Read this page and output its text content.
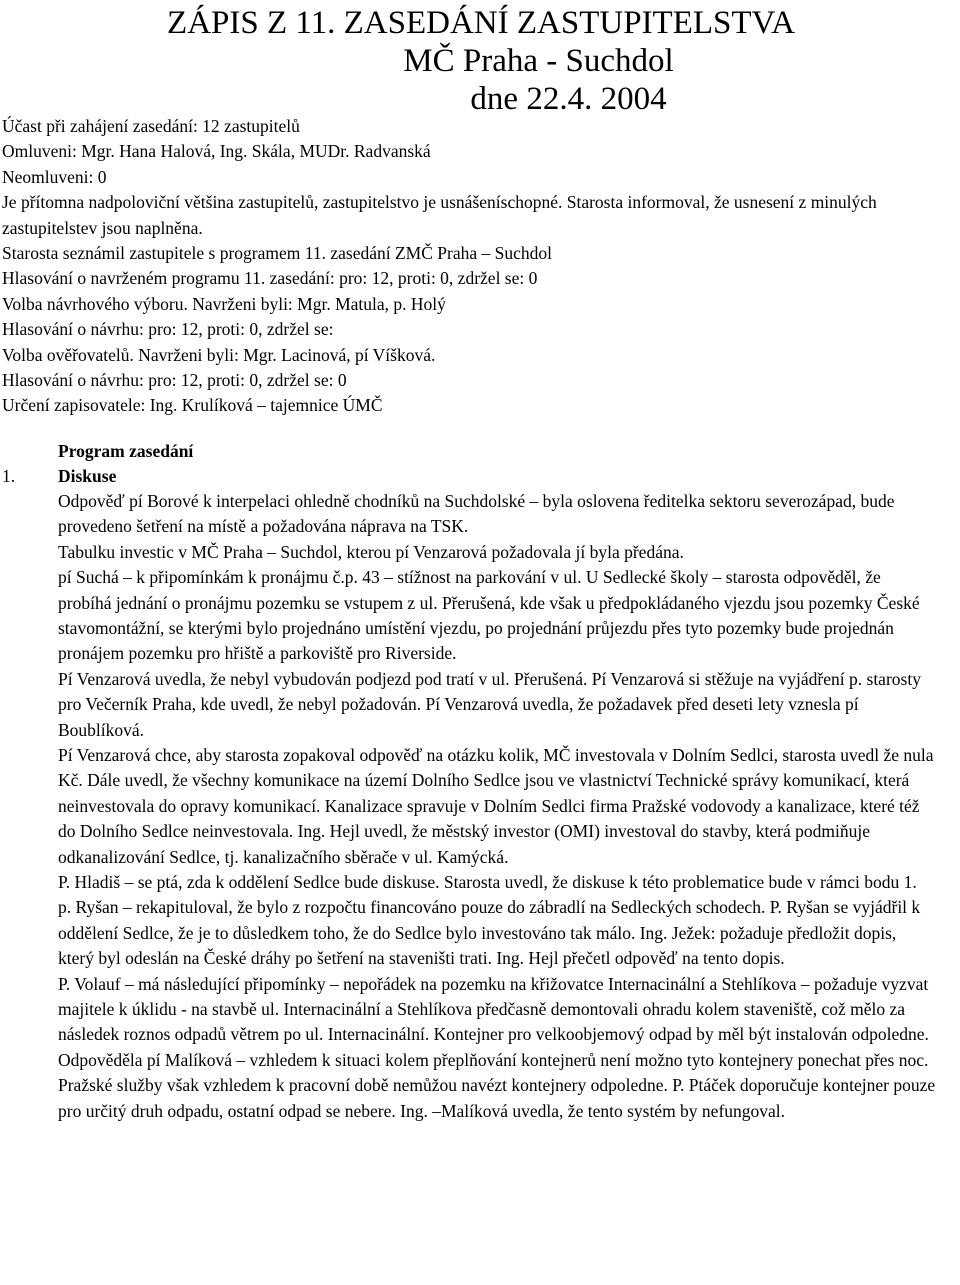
ZÁPIS Z 11. ZASEDÁNÍ ZASTUPITELSTVA
MČ Praha - Suchdol
dne 22.4. 2004

Účast při zahájení zasedání: 12 zastupitelů

Omluveni: Mgr. Hana Halová, Ing. Skála, MUDr. Radvanská

Neomluveni: 0

Je přítomna nadpoloviční většina zastupitelů, zastupitelstvo je usnášeníschopné. Starosta informoval, že usnesení z minulých zastupitelstev jsou naplněna.

Starosta seznámil zastupitele s programem 11. zasedání ZMČ Praha – Suchdol

Hlasování o navrženém programu 11. zasedání: pro: 12, proti: 0, zdržel se: 0

Volba návrhového výboru. Navrženi byli: Mgr. Matula, p. Holý

Hlasování o návrhu: pro: 12, proti: 0, zdržel se:

Volba ověřovatelů. Navrženi byli: Mgr. Lacinová, pí Víšková.

Hlasování o návrhu: pro: 12, proti: 0, zdržel se: 0

Určení zapisovatele: Ing. Krulíková – tajemnice ÚMČ

Program zasedání
1. Diskuse

Odpověď pí Borové k interpelaci ohledně chodníků na Suchdolské – byla oslovena ředitelka sektoru severozápad, bude provedeno šetření na místě a požadována náprava na TSK.

Tabulku investic v MČ Praha – Suchdol, kterou pí Venzarová požadovala jí byla předána.

pí Suchá – k připomínkám k pronájmu č.p. 43 – stížnost na parkování v ul. U Sedlecké školy – starosta odpověděl, že probíhá jednání o pronájmu pozemku se vstupem z ul. Přerušená, kde však u předpokládaného vjezdu jsou pozemky České stavomontážní, se kterými bylo projednáno umístění vjezdu, po projednání průjezdu přes tyto pozemky bude projednán pronájem pozemku pro hřiště a parkoviště pro Riverside.

Pí Venzarová uvedla, že nebyl vybudován podjezd pod tratí v ul. Přerušená. Pí Venzarová si stěžuje na vyjádření p. starosty pro Večerník Praha, kde uvedl, že nebyl požadován. Pí Venzarová uvedla, že požadavek před deseti lety vznesla pí Boublíková.

Pí Venzarová chce, aby starosta zopakoval odpověď na otázku kolik, MČ investovala v Dolním Sedlci, starosta uvedl že nula Kč. Dále uvedl, že všechny komunikace na území Dolního Sedlce jsou ve vlastnictví Technické správy komunikací, která neinvestovala do opravy komunikací. Kanalizace spravuje v Dolním Sedlci firma Pražské vodovody a kanalizace, které též do Dolního Sedlce neinvestovala. Ing. Hejl uvedl, že městský investor (OMI) investoval do stavby, která podmiňuje odkanalizování Sedlce, tj. kanalizačního sběrače v ul. Kamýcká.

P. Hladiš – se ptá, zda k oddělení Sedlce bude diskuse. Starosta uvedl, že diskuse k této problematice bude v rámci bodu 1.

p. Ryšan – rekapituloval, že bylo z rozpočtu financováno pouze do zábradlí na Sedleckých schodech. P. Ryšan se vyjádřil k oddělení Sedlce, že je to důsledkem toho, že do Sedlce bylo investováno tak málo. Ing. Ježek: požaduje předložit dopis, který byl odeslán na České dráhy po šetření na staveništi trati. Ing. Hejl přečetl odpověď na tento dopis.

P. Volauf – má následující připomínky – nepořádek na pozemku na křižovatce Internacinální a Stehlíkova – požaduje vyzvat majitele k úklidu - na stavbě ul. Internacinální a Stehlíkova předčasně demontovali ohradu kolem staveniště, což mělo za následek roznos odpadů větrem po ul. Internacinální. Kontejner pro velkoobjemový odpad by měl být instalován odpoledne. Odpověděla pí Malíková – vzhledem k situaci kolem přeplňování kontejnerů není možno tyto kontejnery ponechat přes noc. Pražské služby však vzhledem k pracovní době nemůžou navézt kontejnery odpoledne. P. Ptáček doporučuje kontejner pouze pro určitý druh odpadu, ostatní odpad se nebere. Ing. –Malíková uvedla, že tento systém by nefungoval.
